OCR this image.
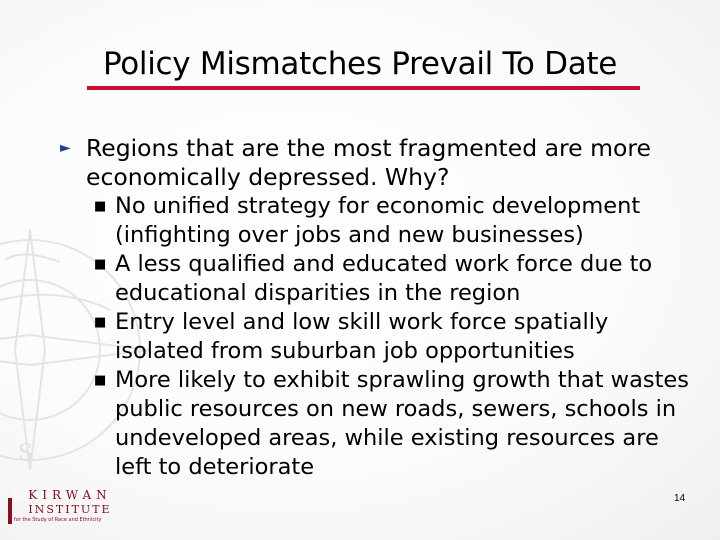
S
Policy Mismatches Prevail To Date
► Regions that are the most fragmented are more economically depressed. Why?
■ No unified strategy for economic development (infighting over jobs and new businesses)
■ A less qualified and educated work force due to educational disparities in the region
■ Entry level and low skill work force spatially isolated from suburban job opportunities
■ More likely to exhibit sprawling growth that wastes public resources on new roads, sewers, schools in undeveloped areas, while existing resources are left to deteriorate
KIRWAN
INSTITUTE
for the Study of Race and Ethnicity
14
